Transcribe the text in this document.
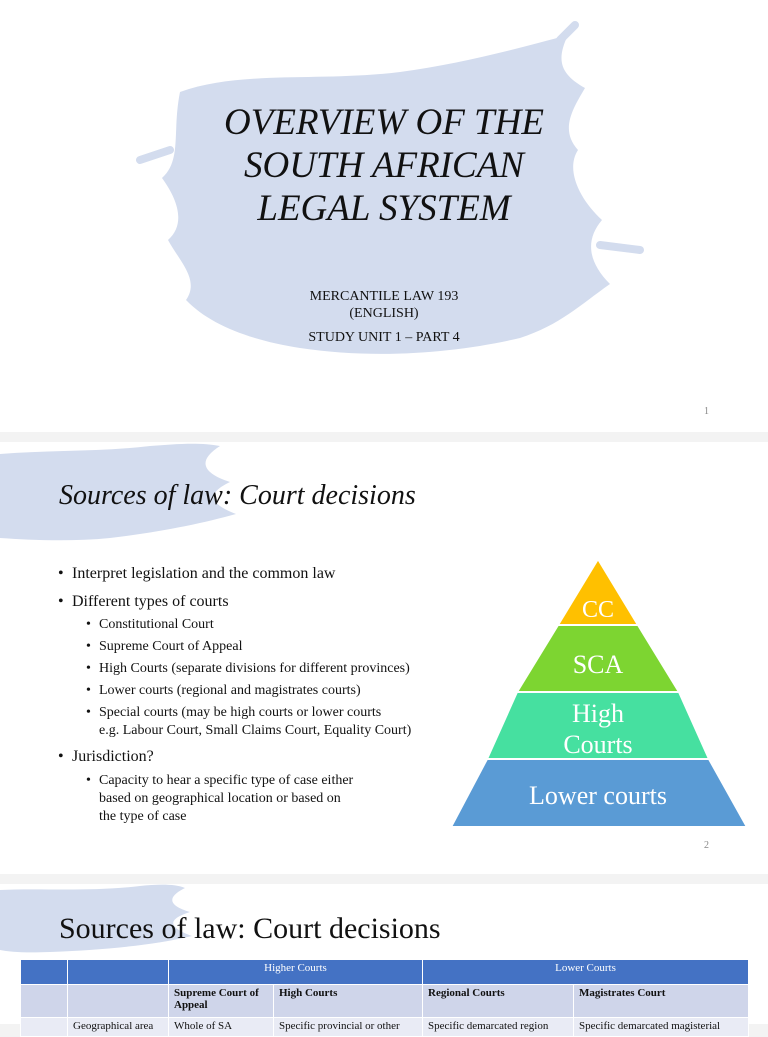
OVERVIEW OF THE
SOUTH AFRICAN
LEGAL SYSTEM
MERCANTILE LAW 193
(ENGLISH)
STUDY UNIT 1 – PART 4
1
Sources of law: Court decisions
• Interpret legislation and the common law
• Different types of courts
• Constitutional Court
• Supreme Court of Appeal
• High Courts (separate divisions for different provinces)
• Lower courts (regional and magistrates courts)
• Special courts (may be high courts or lower courts
e.g. Labour Court, Small Claims Court, Equality Court)
• Jurisdiction?
• Capacity to hear a specific type of case either
based on geographical location or based on
the type of case
CC
SCA
High
Courts
Lower courts
2
Sources of law: Court decisions
		Higher Courts		Lower Courts	
		Supreme Court of Appeal	High Courts	Regional Courts	Magistrates Court
	Geographical area	Whole of SA	Specific provincial or other	Specific demarcated region	Specific demarcated magisterial
